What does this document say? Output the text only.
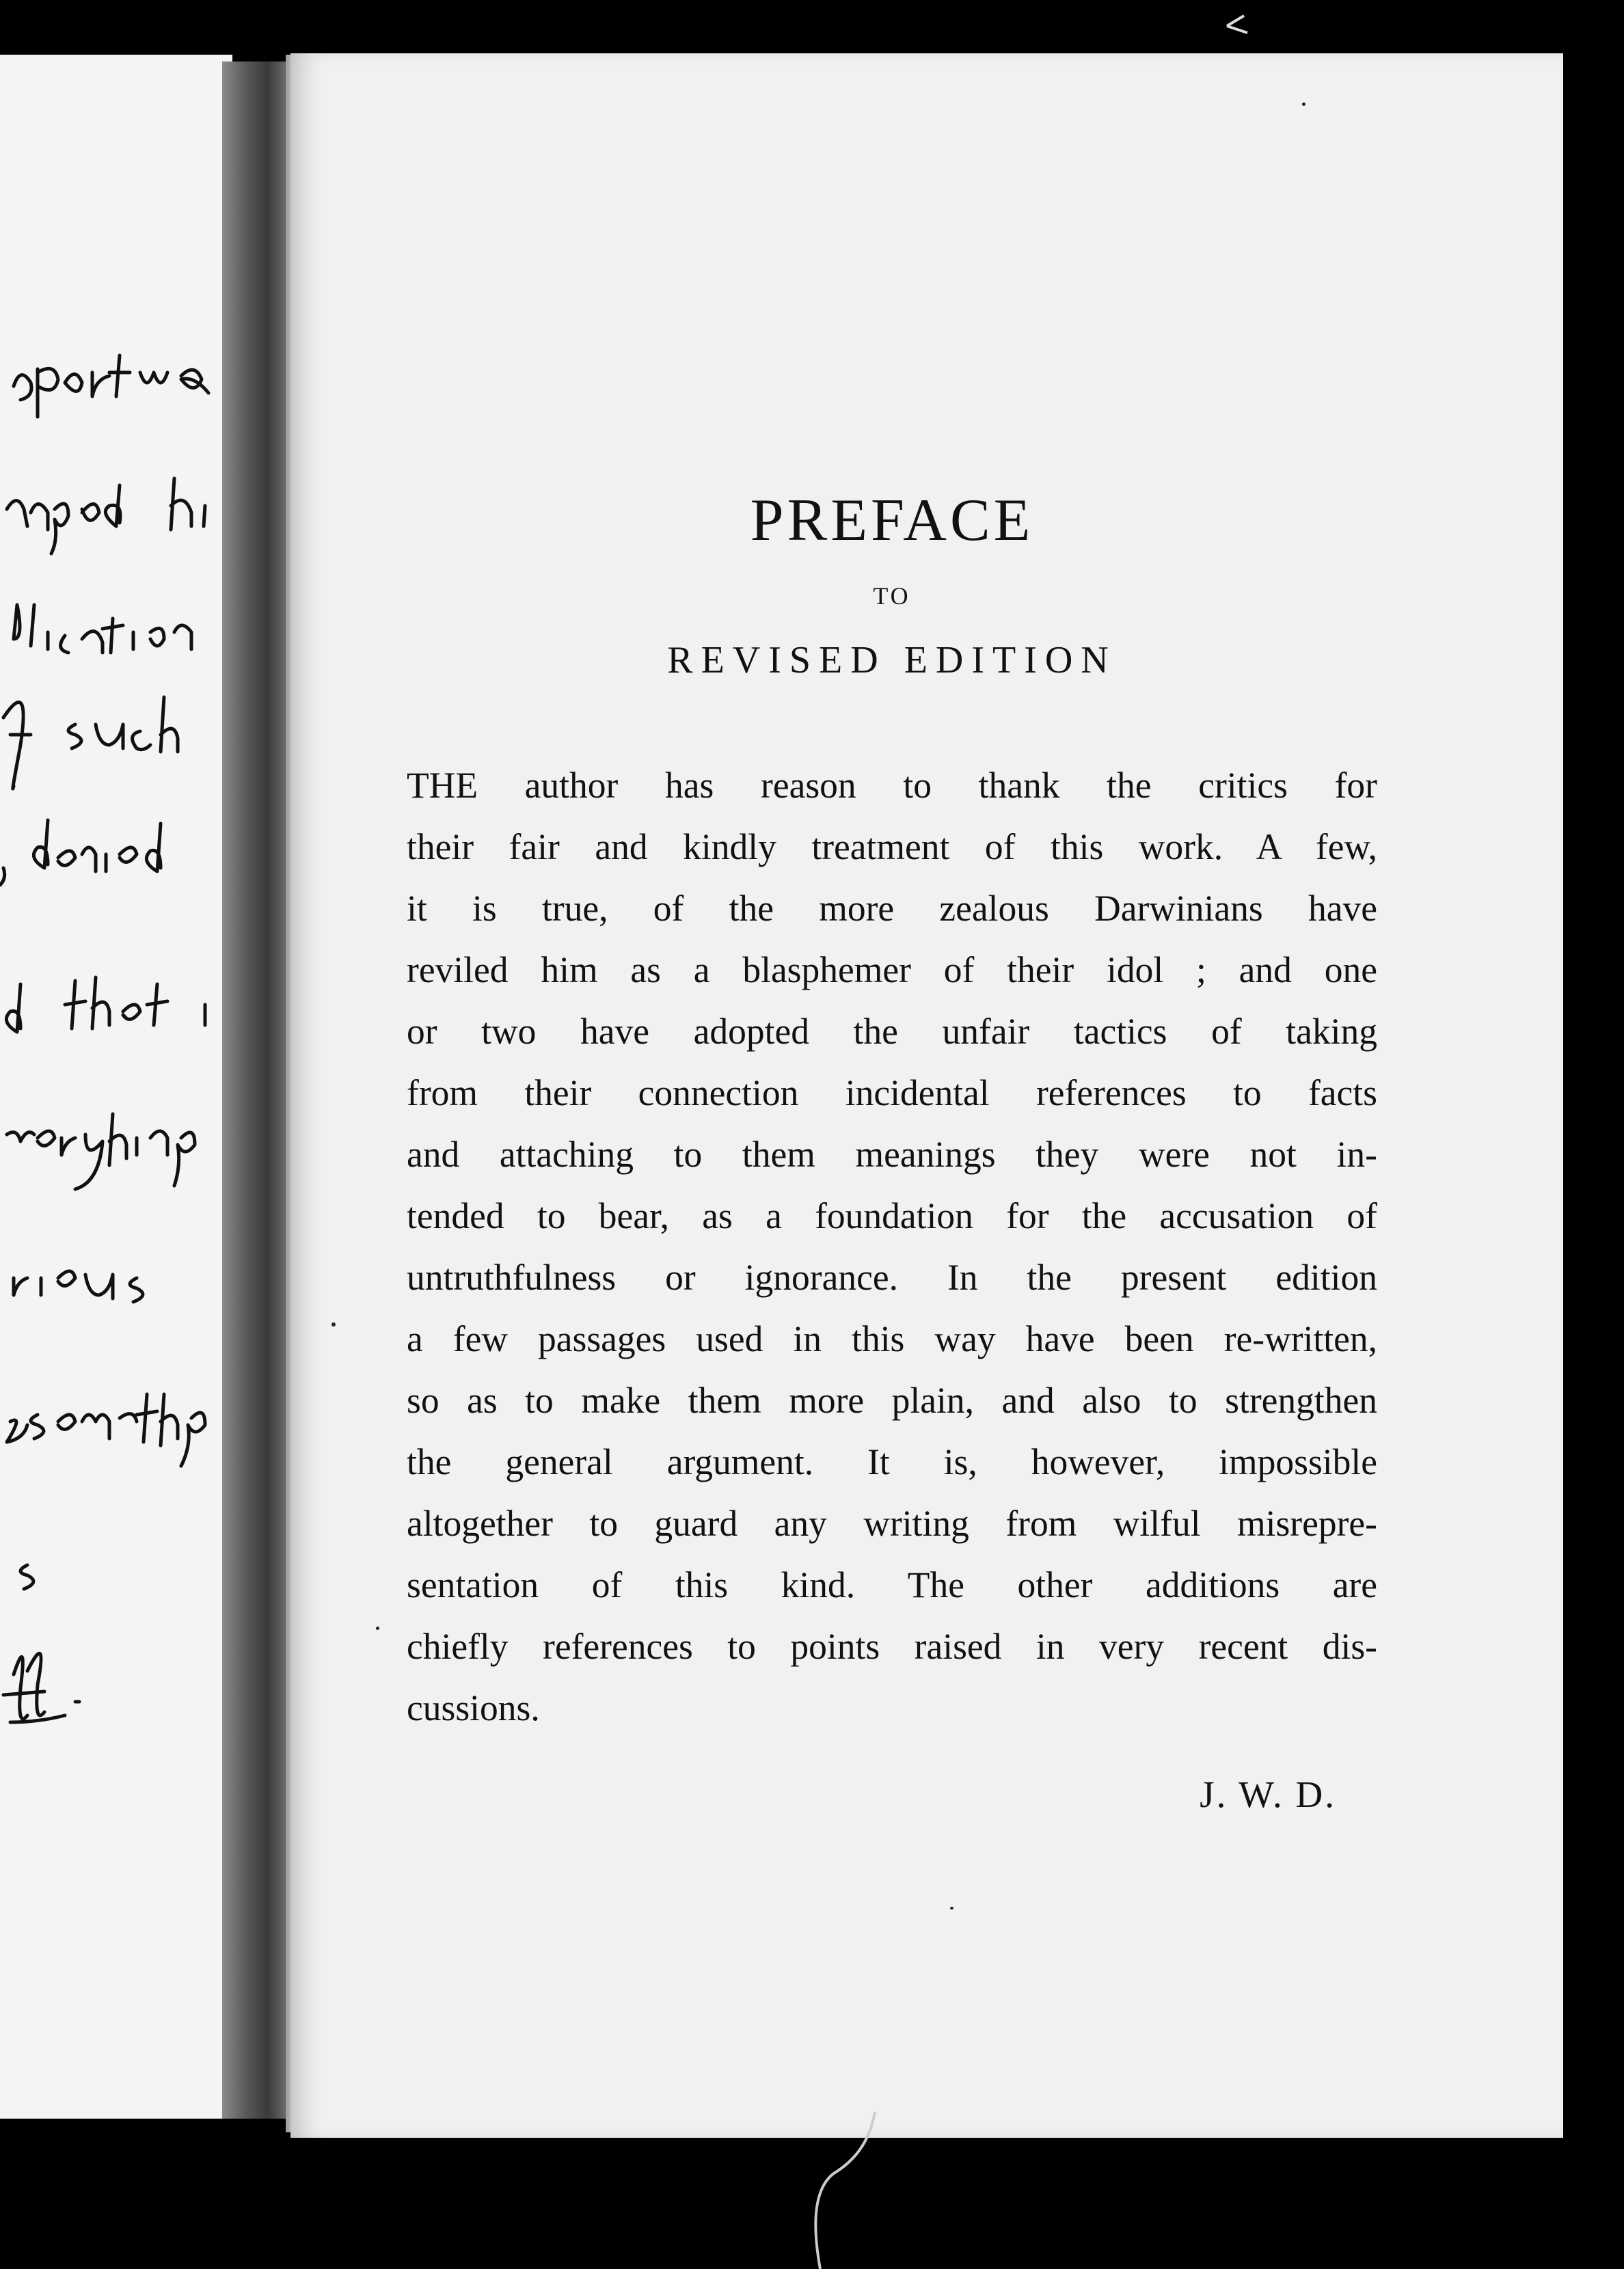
PREFACE
TO
REVISED EDITION
THE author has reason to thank the critics for
their fair and kindly treatment of this work. A few,
it is true, of the more zealous Darwinians have
reviled him as a blasphemer of their idol ; and one
or two have adopted the unfair tactics of taking
from their connection incidental references to facts
and attaching to them meanings they were not in-
tended to bear, as a foundation for the accusation of
untruthfulness or ignorance. In the present edition
a few passages used in this way have been re-written,
so as to make them more plain, and also to strengthen
the general argument. It is, however, impossible
altogether to guard any writing from wilful misrepre-
sentation of this kind. The other additions are
chiefly references to points raised in very recent dis-
cussions.
J. W. D.
